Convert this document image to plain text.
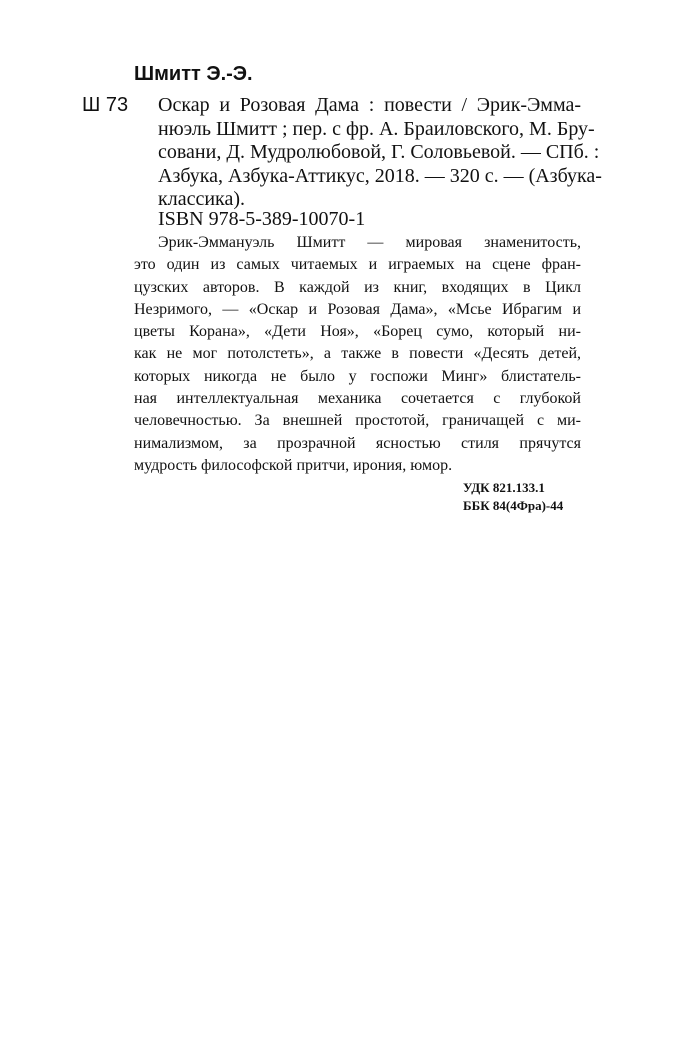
Шмитт Э.-Э.
Ш 73 Оскар и Розовая Дама : повести / Эрик-Эмма-
нюэль Шмитт ; пер. с фр. А. Браиловского, М. Бру-
совани, Д. Мудролюбовой, Г. Соловьевой. — СПб. :
Азбука, Азбука-Аттикус, 2018. — 320 с. — (Азбука-
классика).
ISBN 978-5-389-10070-1
Эрик-Эммануэль Шмитт — мировая знаменитость,
это один из самых читаемых и играемых на сцене фран-
цузских авторов. В каждой из книг, входящих в Цикл
Незримого, — «Оскар и Розовая Дама», «Мсье Ибрагим и
цветы Корана», «Дети Ноя», «Борец сумо, который ни-
как не мог потолстеть», а также в повести «Десять детей,
которых никогда не было у госпожи Минг» блистатель-
ная интеллектуальная механика сочетается с глубокой
человечностью. За внешней простотой, граничащей с ми-
нимализмом, за прозрачной ясностью стиля прячутся
мудрость философской притчи, ирония, юмор.
УДК 821.133.1
ББК 84(4Фра)-44
